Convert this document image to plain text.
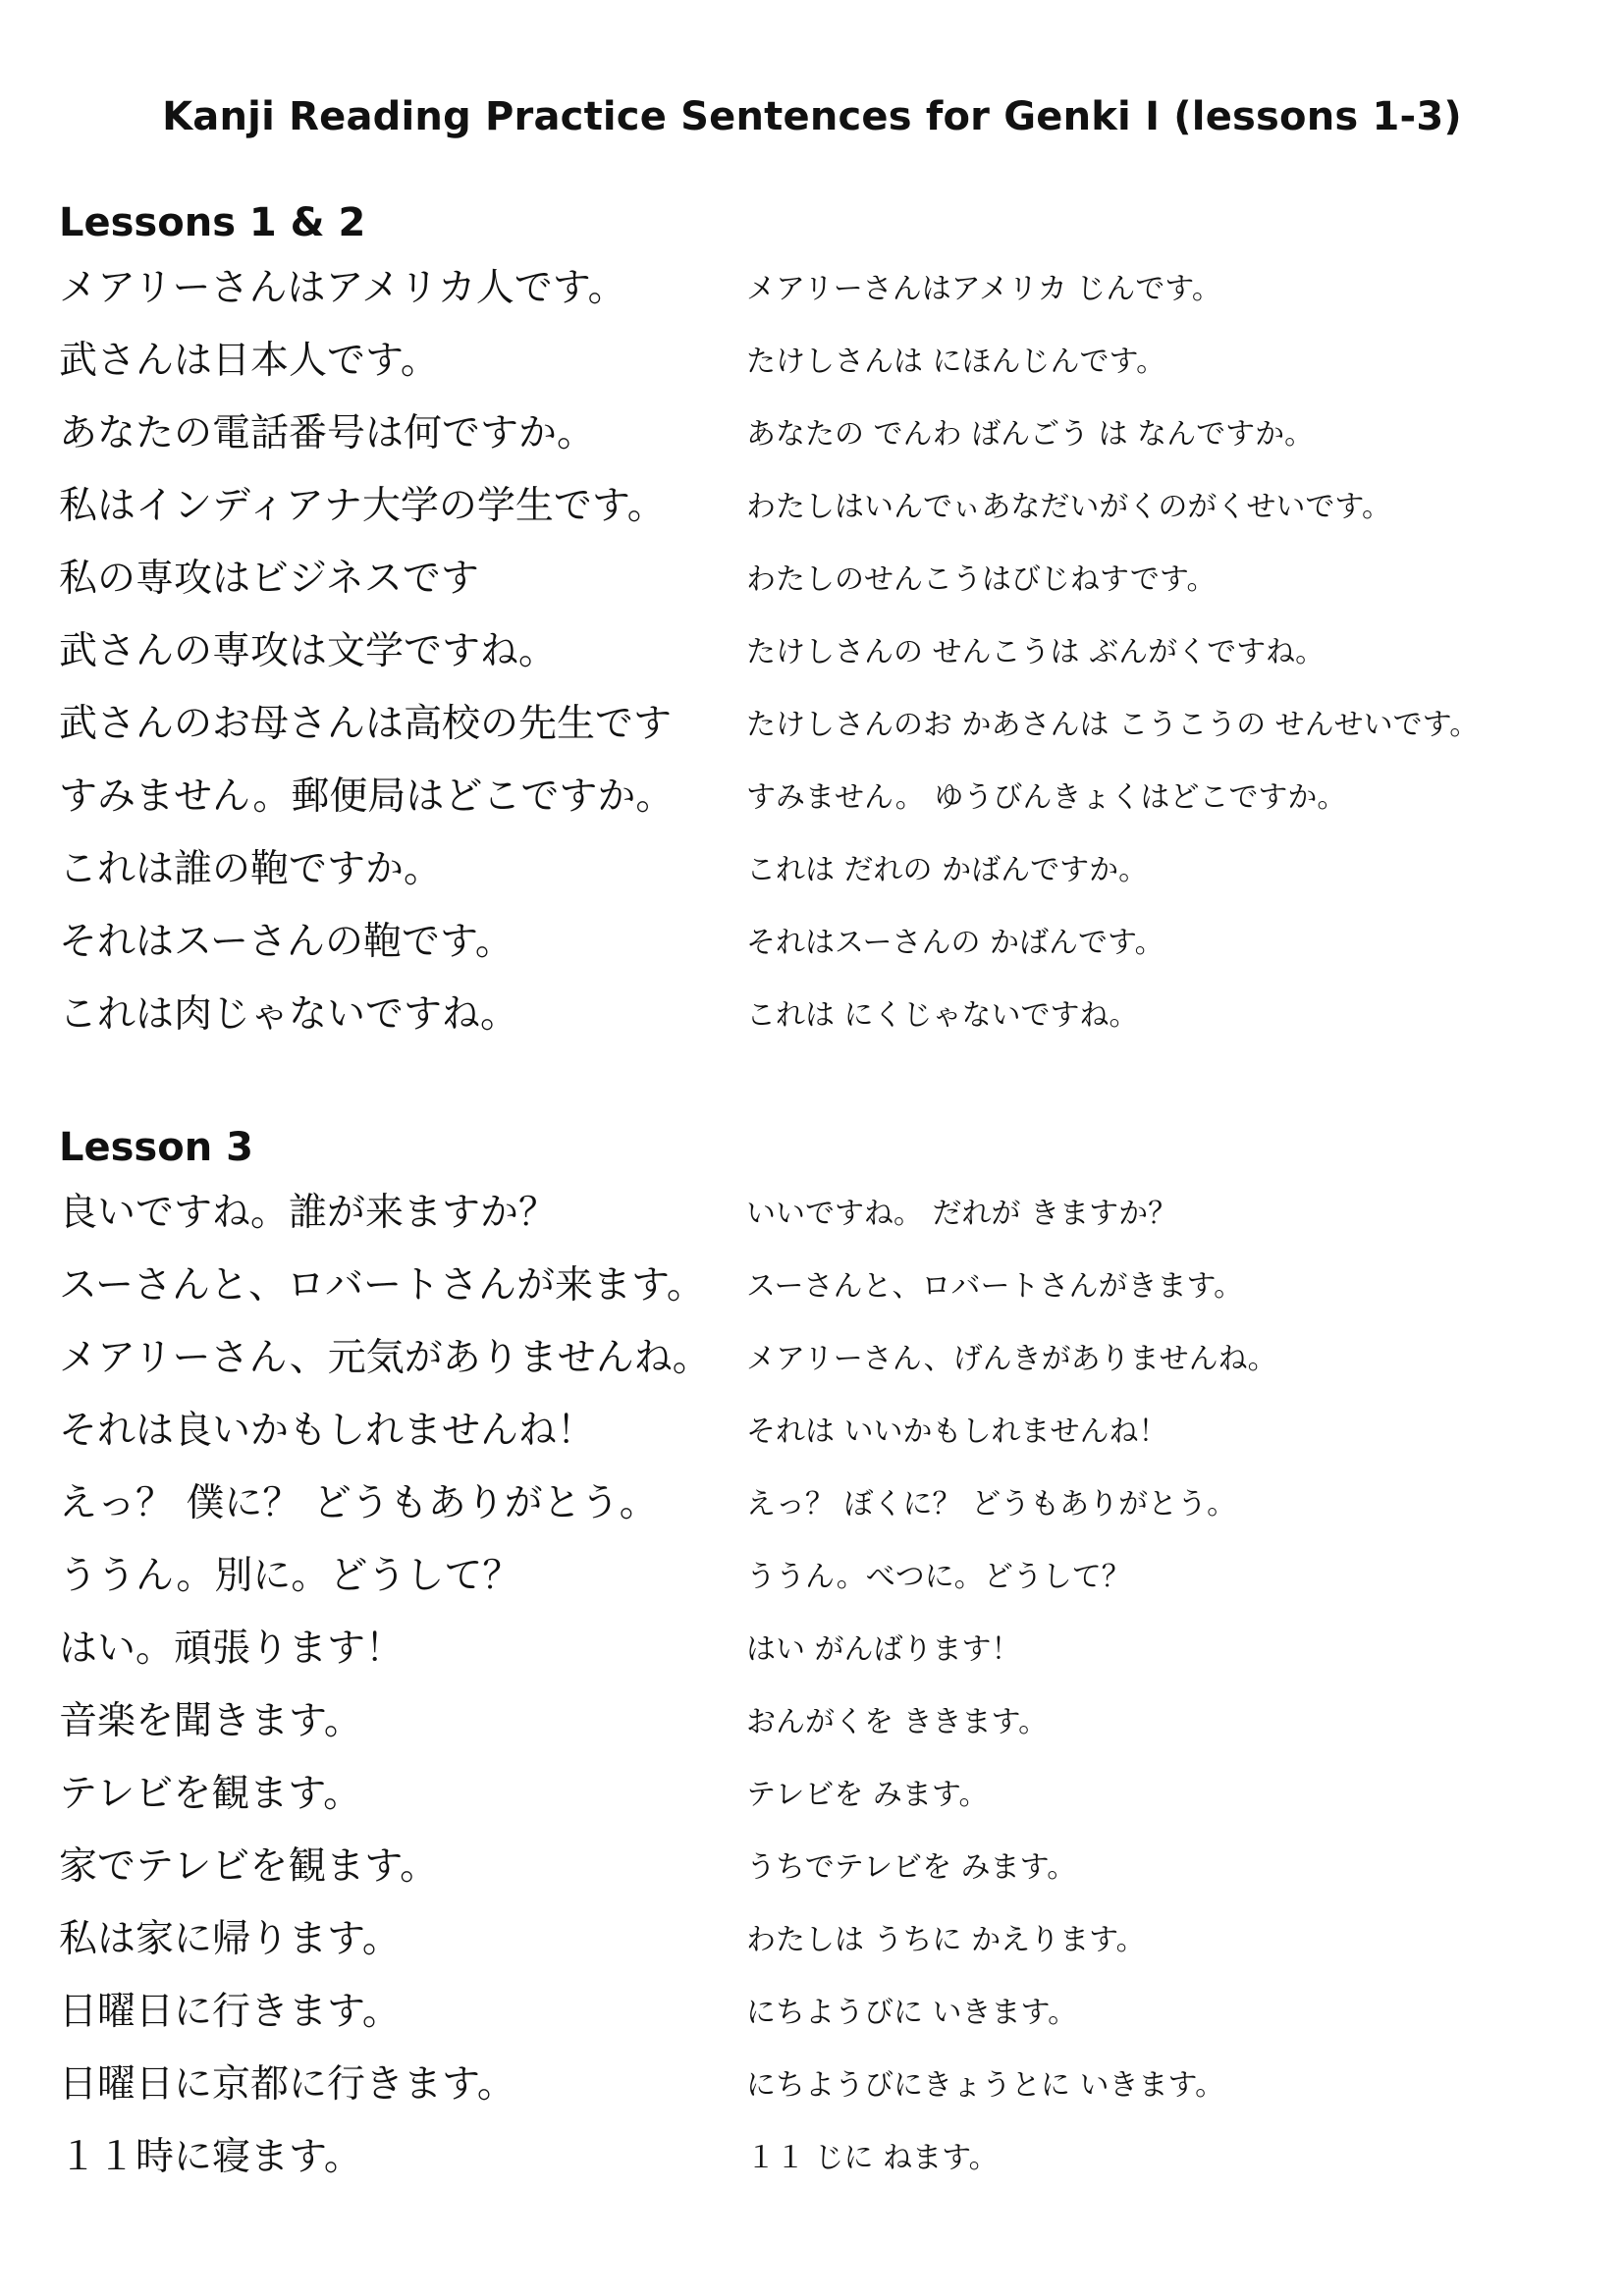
Kanji Reading Practice Sentences for Genki I (lessons 1-3)
Lessons 1 & 2
メアリーさんはアメリカ人です。	メアリーさんはアメリカ じんです。
武さんは日本人です。	たけしさんは にほんじんです。
あなたの電話番号は何ですか。	あなたの でんわ ばんごう は なんですか。
私はインディアナ大学の学生です。	わたしはいんでぃあなだいがくのがくせいです。
私の専攻はビジネスです	わたしのせんこうはびじねすです。
武さんの専攻は文学ですね。	たけしさんの せんこうは ぶんがくですね。
武さんのお母さんは高校の先生です	たけしさんのお かあさんは こうこうの せんせいです。
すみません。郵便局はどこですか。 すみません。 ゆうびんきょくはどこですか。
これは誰の鞄ですか。	これは だれの かばんですか。
それはスーさんの鞄です。	それはスーさんの かばんです。
これは肉じゃないですね。	これは にくじゃないですね。
Lesson 3
良いですね。誰が来ますか？	いいですね。 だれが きますか？
スーさんと、ロバートさんが来ます。 スーさんと、ロバートさんがきます。
メアリーさん、元気がありませんね。 メアリーさん、げんきがありませんね。
それは良いかもしれませんね！	それは いいかもしれませんね！
えっ？ 僕に？ どうもありがとう。	えっ？ ぼくに？ どうもありがとう。
ううん。別に。どうして？	ううん。べつに。どうして？
はい。頑張ります！	はい がんばります！
音楽を聞きます。	おんがくを ききます。
テレビを観ます。	テレビを みます。
家でテレビを観ます。	うちでテレビを みます。
私は家に帰ります。	わたしは うちに かえります。
日曜日に行きます。	にちようびに いきます。
日曜日に京都に行きます。	にちようびにきょうとに いきます。
１１時に寝ます。	１１ じに ねます。
